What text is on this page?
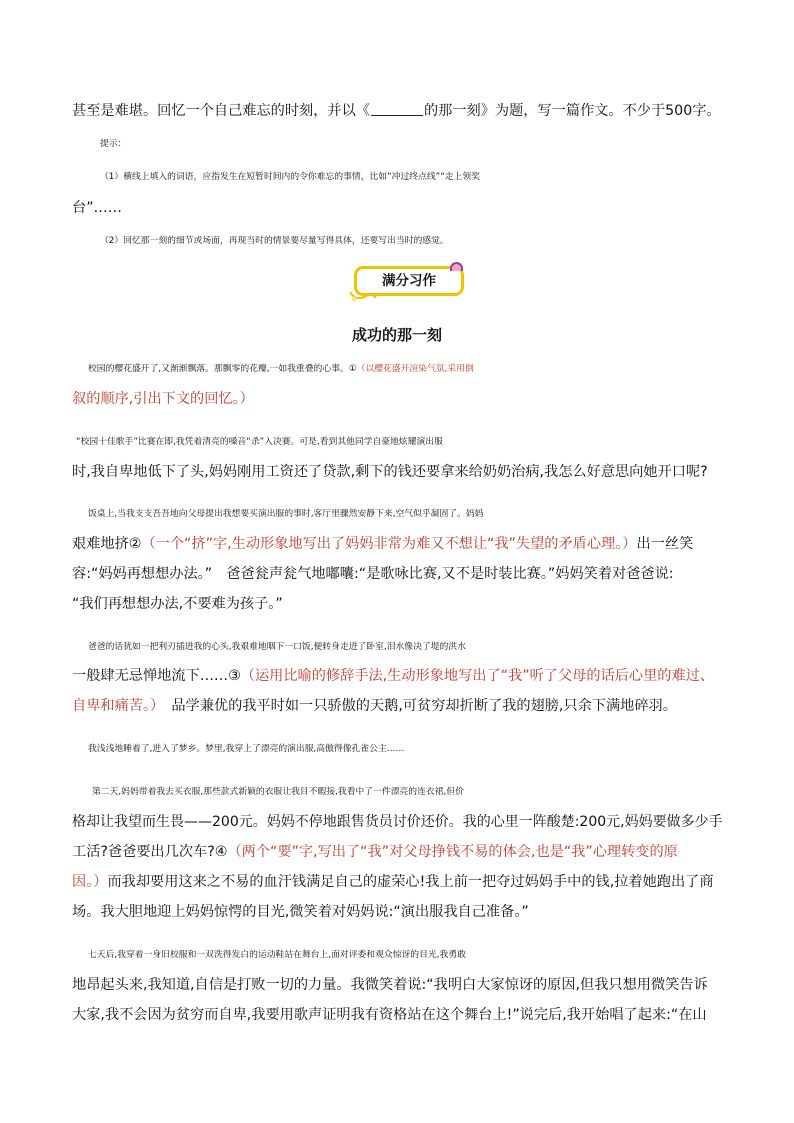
甚至是难堪。回忆一个自己难忘的时刻，并以《	的那一刻》为题，写一篇作文。不少于500字。
提示：
（1）横线上填入的词语，应指发生在短暂时间内的令你难忘的事情，比如“冲过终点线”“走上领奖
台”……
（2）回忆那一刻的细节或场面，再现当时的情景要尽量写得具体，还要写出当时的感觉。
满分习作
成功的那一刻
校园的樱花盛开了,又渐渐飘落。那飘零的花瓣,一如我重叠的心事。①（以樱花盛开渲染气氛,采用倒
叙的顺序,引出下文的回忆。）
“校园十佳歌手”比赛在即,我凭着清亮的嗓音“杀”入决赛。可是,看到其他同学自豪地炫耀演出服
时,我自卑地低下了头,妈妈刚用工资还了贷款,剩下的钱还要拿来给奶奶治病,我怎么好意思向她开口呢?
饭桌上,当我支支吾吾地向父母提出我想要买演出服的事时,客厅里骤然安静下来,空气似乎凝固了。妈妈
艰难地挤②（一个“挤”字,生动形象地写出了妈妈非常为难又不想让“我”失望的矛盾心理。）出一丝笑
容:“妈妈再想想办法。”　爸爸瓮声瓮气地嘟囔:“是歌咏比赛,又不是时装比赛。”妈妈笑着对爸爸说:
“我们再想想办法,不要难为孩子。”
爸爸的话犹如一把利刃插进我的心头,我艰难地咽下一口饭,便转身走进了卧室,泪水像决了堤的洪水
一般肆无忌惮地流下……③（运用比喻的修辞手法,生动形象地写出了“我”听了父母的话后心里的难过、
自卑和痛苦。）　品学兼优的我平时如一只骄傲的天鹅,可贫穷却折断了我的翅膀,只余下满地碎羽。
我浅浅地睡着了,进入了梦乡。梦里,我穿上了漂亮的演出服,高傲得像孔雀公主……
第二天,妈妈带着我去买衣服,那些款式新颖的衣服让我目不暇接,我看中了一件漂亮的连衣裙,但价
格却让我望而生畏——200元。妈妈不停地跟售货员讨价还价。我的心里一阵酸楚:200元,妈妈要做多少手
工活?爸爸要出几次车?④（两个“要”字,写出了“我”对父母挣钱不易的体会,也是“我”心理转变的原
因。）而我却要用这来之不易的血汗钱满足自己的虚荣心!我上前一把夺过妈妈手中的钱,拉着她跑出了商
场。我大胆地迎上妈妈惊愕的目光,微笑着对妈妈说:“演出服我自己准备。”
七天后,我穿着一身旧校服和一双洗得发白的运动鞋站在舞台上,面对评委和观众惊讶的目光,我勇敢
地昂起头来,我知道,自信是打败一切的力量。我微笑着说:“我明白大家惊讶的原因,但我只想用微笑告诉
大家,我不会因为贫穷而自卑,我要用歌声证明我有资格站在这个舞台上!”说完后,我开始唱了起来:“在山
